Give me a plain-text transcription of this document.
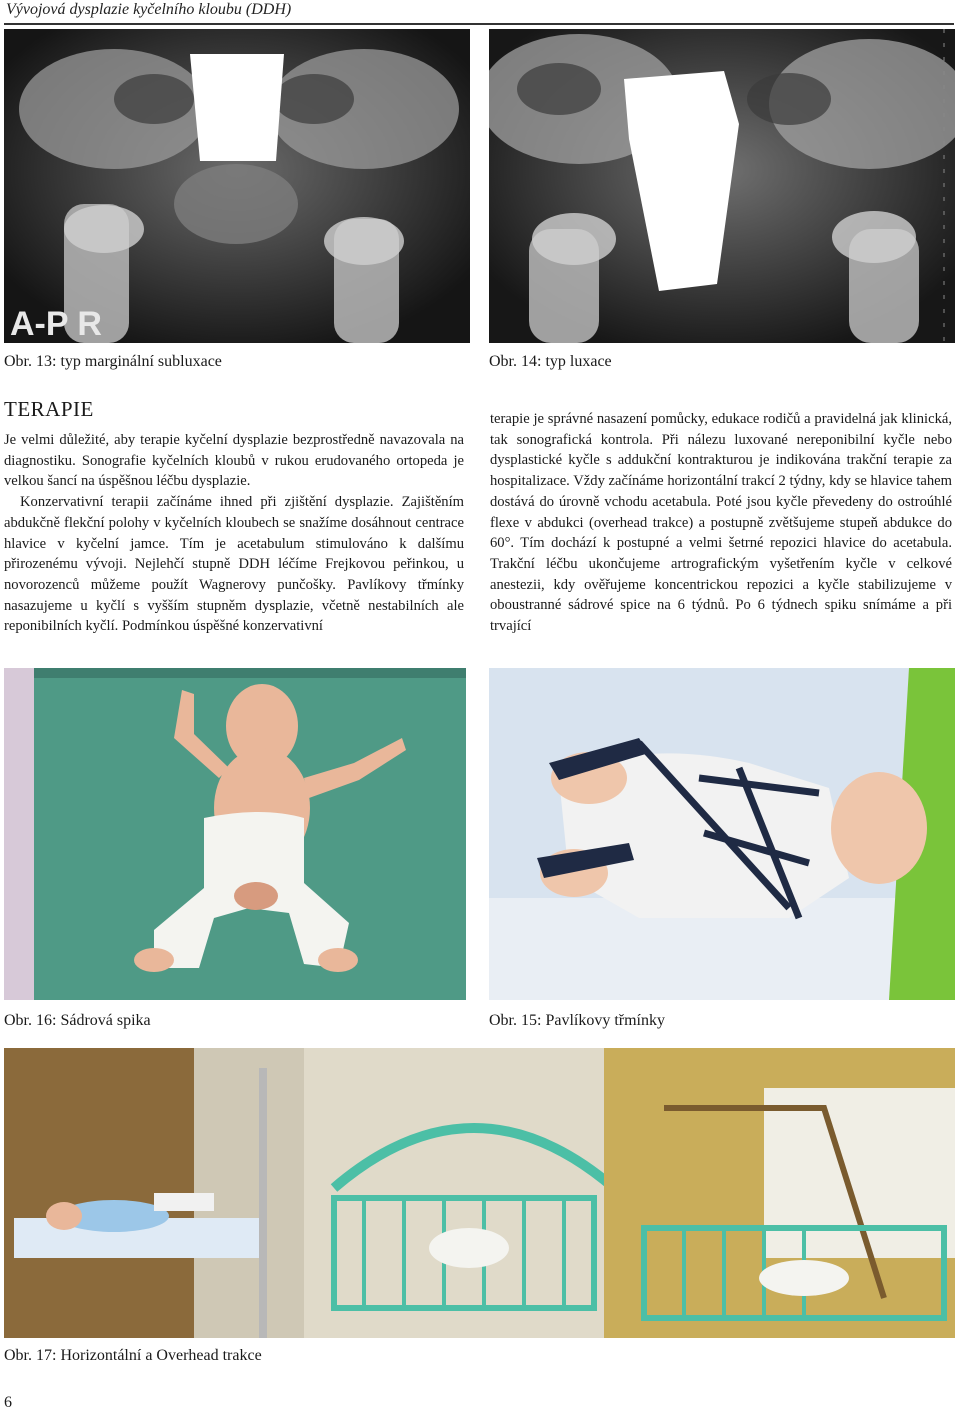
Vývojová dysplazie kyčelního kloubu (DDH)
A-P R
Obr. 13: typ marginální subluxace	Obr. 14: typ luxace
TERAPIE

Je velmi důležité, aby terapie kyčelní dysplazie bezprostředně navazovala na diagnostiku. Sonografie kyčelních kloubů v rukou erudovaného ortopeda je velkou šancí na úspěšnou léčbu dysplazie.

Konzervativní terapii začínáme ihned při zjištění dysplazie. Zajištěním abdukčně flekční polohy v kyčelních kloubech se snažíme dosáhnout centrace hlavice v kyčelní jamce. Tím je acetabulum stimulováno k dalšímu přirozenému vývoji. Nejlehčí stupně DDH léčíme Frejkovou peřinkou, u novorozenců můžeme použít Wagnerovy punčošky. Pavlíkovy třmínky nasazujeme u kyčlí s vyšším stupněm dysplazie, včetně nestabilních ale reponibilních kyčlí. Podmínkou úspěšné konzervativní

terapie je správné nasazení pomůcky, edukace rodičů a pravidelná jak klinická, tak sonografická kontrola. Při nálezu luxované nereponibilní kyčle nebo dysplastické kyčle s addukční kontrakturou je indikována trakční terapie za hospitalizace. Vždy začínáme horizontální trakcí 2 týdny, kdy se hlavice tahem dostává do úrovně vchodu acetabula. Poté jsou kyčle převedeny do ostroúhlé flexe v abdukci (overhead trakce) a postupně zvětšujeme stupeň abdukce do 60°. Tím dochází k postupné a velmi šetrné repozici hlavice do acetabula. Trakční léčbu ukončujeme artrografickým vyšetřením kyčle v celkové anestezii, kdy ověřujeme koncentrickou repozici a kyčle stabilizujeme v oboustranné sádrové spice na 6 týdnů. Po 6 týdnech spiku snímáme a při trvající

Obr. 16: Sádrová spika	Obr. 15: Pavlíkovy třmínky
Obr. 17: Horizontální a Overhead trakce
6
